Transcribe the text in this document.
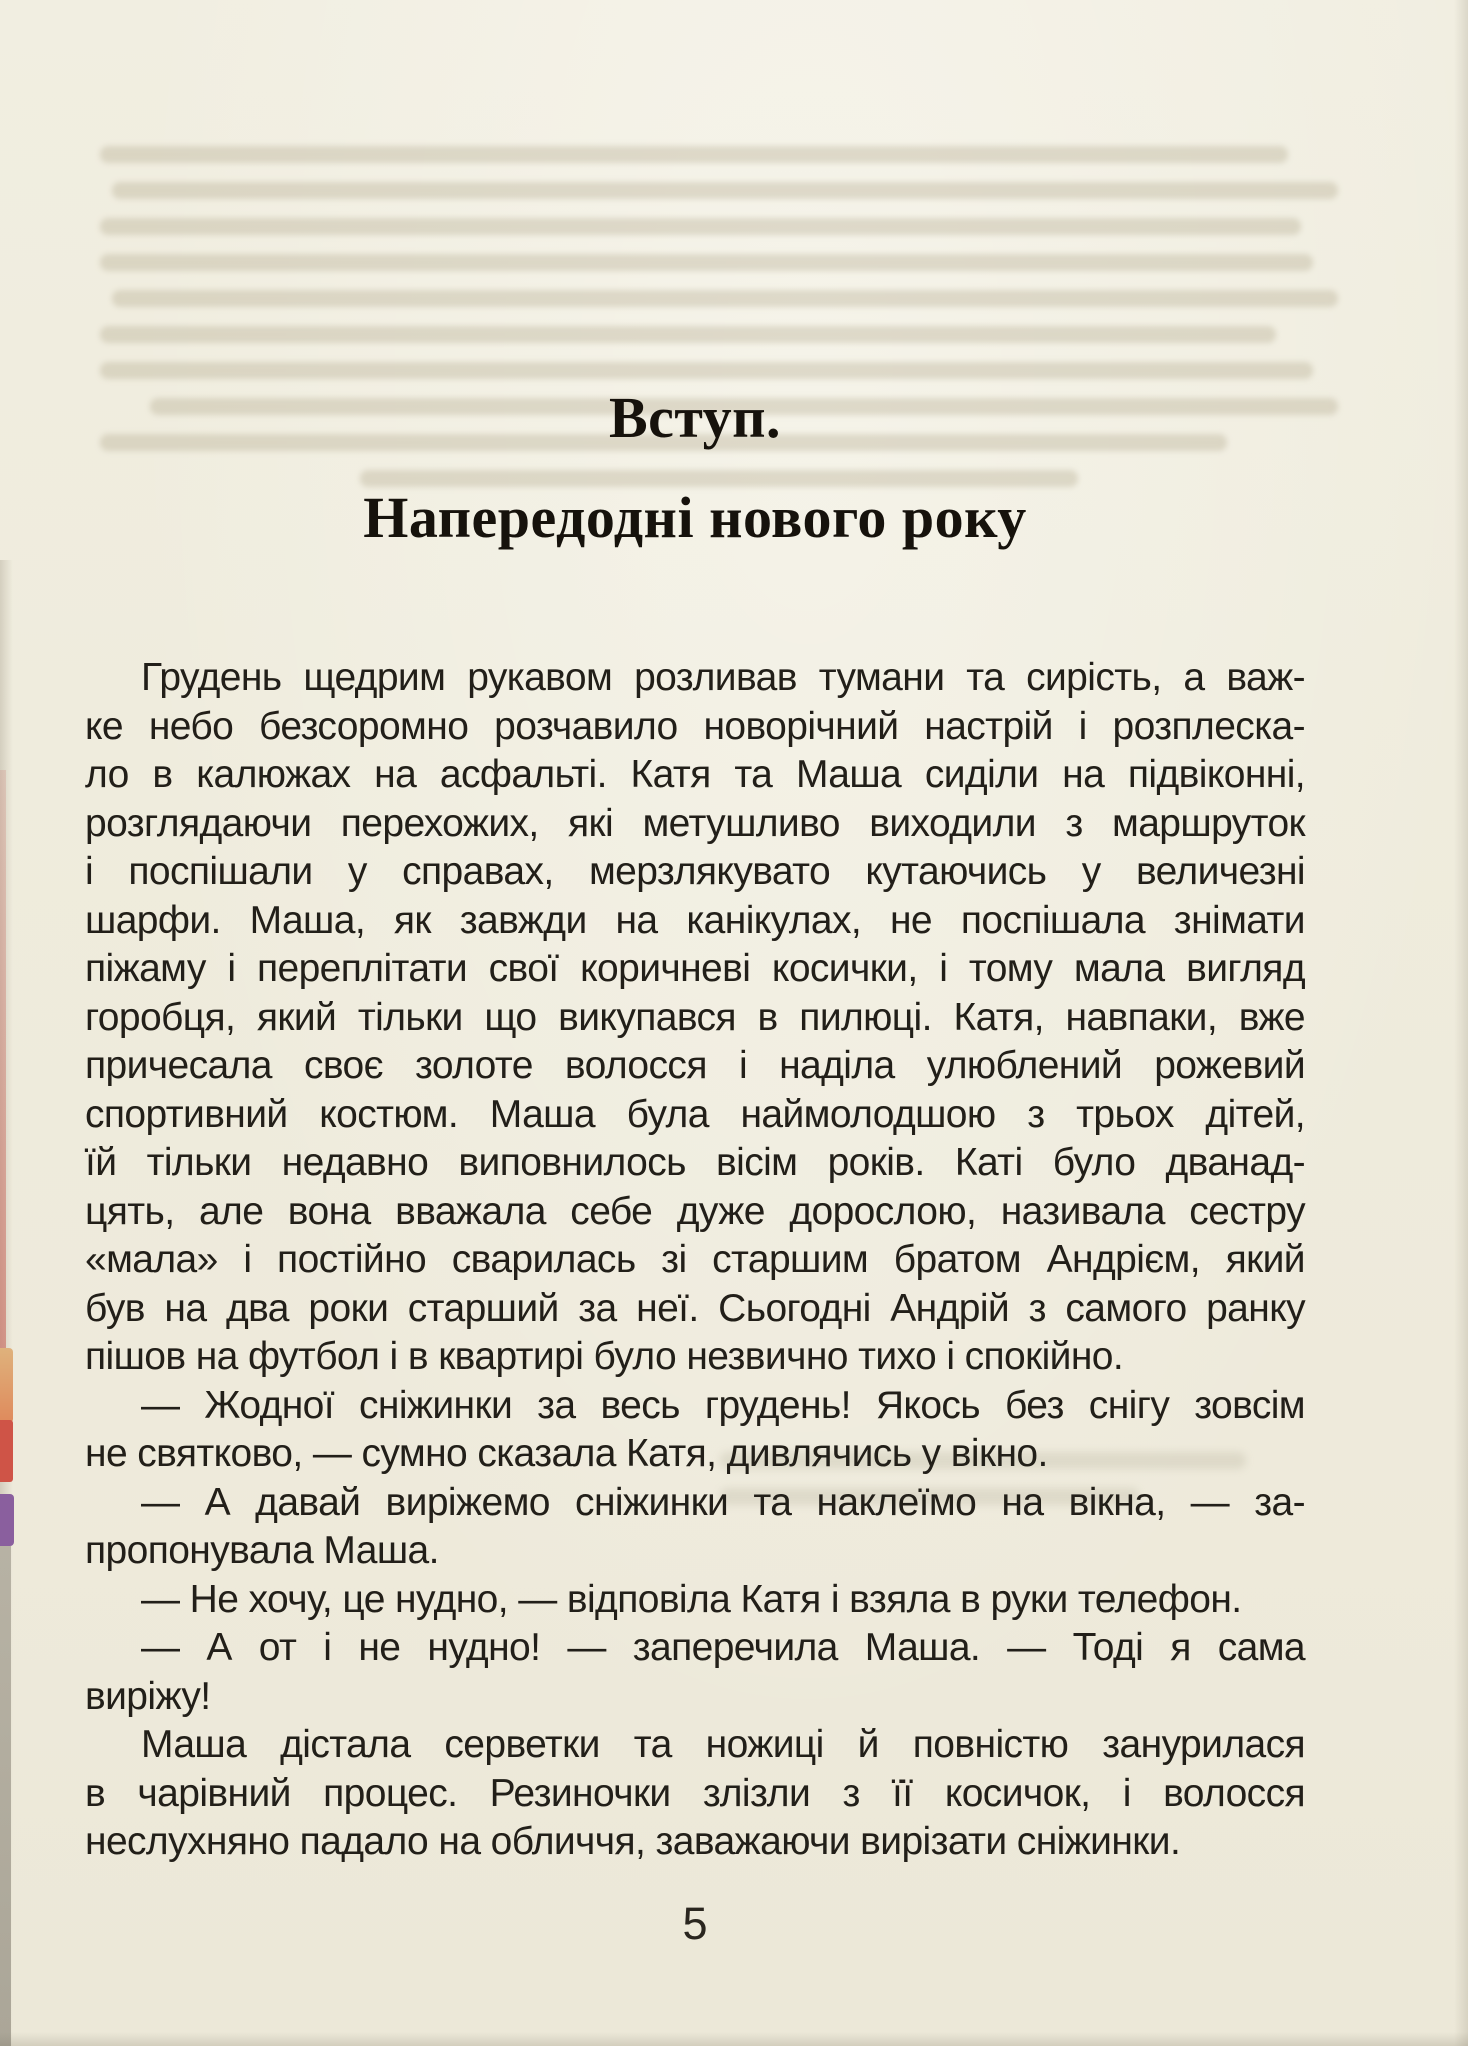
Вступ.
Напередодні нового року
Грудень щедрим рукавом розливав тумани та сирість, а важ-
ке небо безсоромно розчавило новорічний настрій і розплеска-
ло в калюжах на асфальті. Катя та Маша сиділи на підвіконні,
розглядаючи перехожих, які метушливо виходили з маршруток
і поспішали у справах, мерзлякувато кутаючись у величезні
шарфи. Маша, як завжди на канікулах, не поспішала знімати
піжаму і переплітати свої коричневі косички, і тому мала вигляд
горобця, який тільки що викупався в пилюці. Катя, навпаки, вже
причесала своє золоте волосся і наділа улюблений рожевий
спортивний костюм. Маша була наймолодшою з трьох дітей,
їй тільки недавно виповнилось вісім років. Каті було дванад-
цять, але вона вважала себе дуже дорослою, називала сестру
«мала» і постійно сварилась зі старшим братом Андрієм, який
був на два роки старший за неї. Сьогодні Андрій з самого ранку
пішов на футбол і в квартирі було незвично тихо і спокійно.
— Жодної сніжинки за весь грудень! Якось без снігу зовсім
не святково, — сумно сказала Катя, дивлячись у вікно.
— А давай виріжемо сніжинки та наклеїмо на вікна, — за-
пропонувала Маша.
— Не хочу, це нудно, — відповіла Катя і взяла в руки телефон.
— А от і не нудно! — заперечила Маша. — Тоді я сама
виріжу!
Маша дістала серветки та ножиці й повністю занурилася
в чарівний процес. Резиночки злізли з її косичок, і волосся
неслухняно падало на обличчя, заважаючи вирізати сніжинки.
5
